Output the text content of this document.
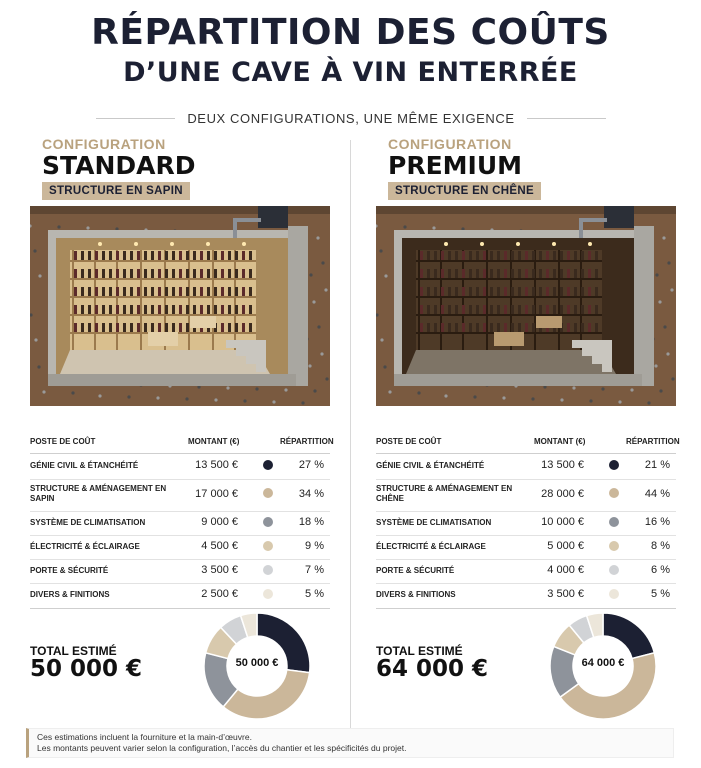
RÉPARTITION DES COÛTS
D’UNE CAVE À VIN ENTERRÉE
DEUX CONFIGURATIONS, UNE MÊME EXIGENCE
CONFIGURATION
STANDARD
STRUCTURE EN SAPIN
POSTE DE COÛT	MONTANT (€)	RÉPARTITION
GÉNIE CIVIL & ÉTANCHÉITÉ	13 500 €	27 %
STRUCTURE & AMÉNAGEMENT EN SAPIN	17 000 €	34 %
SYSTÈME DE CLIMATISATION	9 000 €	18 %
ÉLECTRICITÉ & ÉCLAIRAGE	4 500 €	9 %
PORTE & SÉCURITÉ	3 500 €	7 %
DIVERS & FINITIONS	2 500 €	5 %
TOTAL ESTIMÉ
50 000 €	50 000 €
CONFIGURATION
PREMIUM
STRUCTURE EN CHÊNE
POSTE DE COÛT	MONTANT (€)	RÉPARTITION
GÉNIE CIVIL & ÉTANCHÉITÉ	13 500 €	21 %
STRUCTURE & AMÉNAGEMENT EN CHÊNE	28 000 €	44 %
SYSTÈME DE CLIMATISATION	10 000 €	16 %
ÉLECTRICITÉ & ÉCLAIRAGE	5 000 €	8 %
PORTE & SÉCURITÉ	4 000 €	6 %
DIVERS & FINITIONS	3 500 €	5 %
TOTAL ESTIMÉ
64 000 €	64 000 €
Ces estimations incluent la fourniture et la main-d’œuvre.
Les montants peuvent varier selon la configuration, l’accès du chantier et les spécificités du projet.
